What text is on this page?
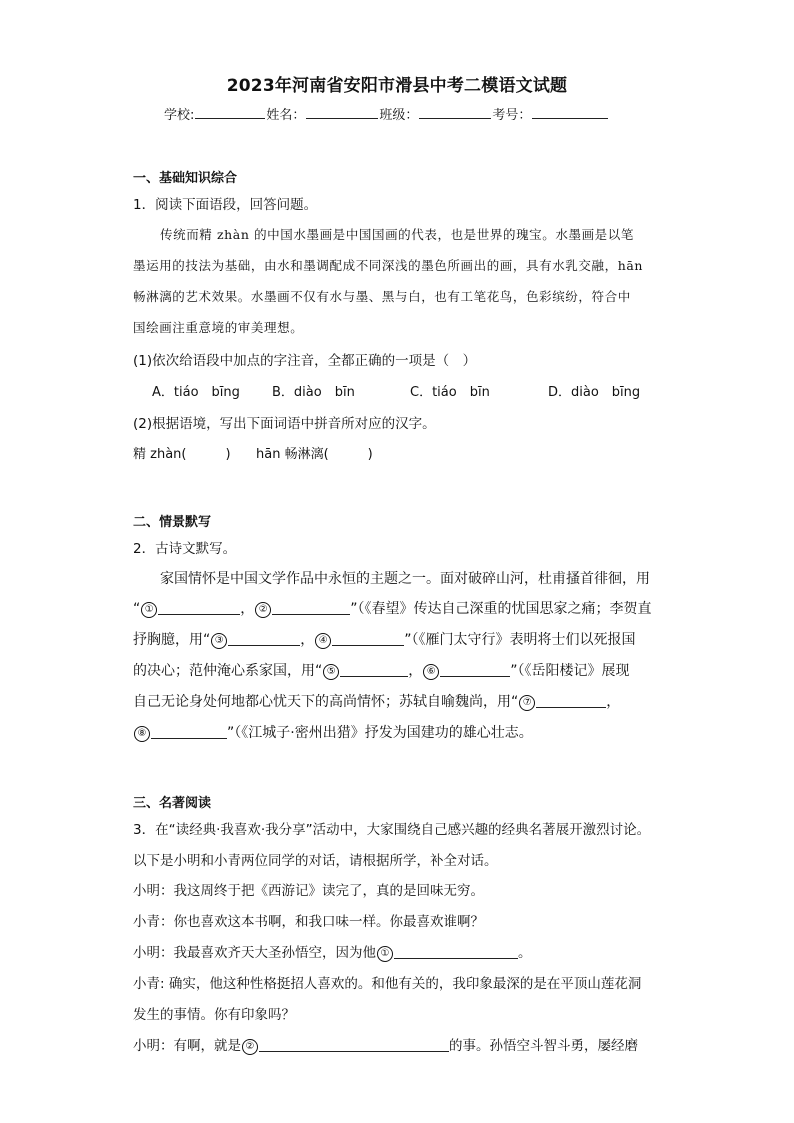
2023年河南省安阳市滑县中考二模语文试题
学校:	姓名：	班级：	考号：
一、基础知识综合
1．阅读下面语段，回答问题。
传统而精 zhàn 的中国水墨画是中国国画的代表，也是世界的瑰宝。水墨画是以笔
墨运用的技法为基础，由水和墨调配成不同深浅的墨色所画出的画，具有水乳交融，hān
畅淋漓的艺术效果。水墨画不仅有水与墨、黑与白，也有工笔花鸟，色彩缤纷，符合中
国绘画注重意境的审美理想。
(1)依次给语段中加点的字注音，全都正确的一项是（　）
A．tiáo　bīng B．diào　bīn	C．tiáo　bīn	D．diào　bīng
(2)根据语境，写出下面词语中拼音所对应的汉字。
精 zhàn(　　　) hān 畅淋漓(　　　)
二、情景默写
2．古诗文默写。
家国情怀是中国文学作品中永恒的主题之一。面对破碎山河，杜甫搔首徘徊，用
“ ①	， ②	”（《春望》传达自己深重的忧国思家之痛；李贺直
抒胸臆，用“ ③	， ④	”（《雁门太守行》表明将士们以死报国
的决心；范仲淹心系家国，用“ ⑤	， ⑥	”（《岳阳楼记》展现
自己无论身处何地都心忧天下的高尚情怀；苏轼自喻魏尚，用“ ⑦	，
⑧	”（《江城子·密州出猎》抒发为国建功的雄心壮志。
三、名著阅读
3．在“读经典·我喜欢·我分享”活动中，大家围绕自己感兴趣的经典名著展开激烈讨论。
以下是小明和小青两位同学的对话，请根据所学，补全对话。
小明：我这周终于把《西游记》读完了，真的是回味无穷。
小青：你也喜欢这本书啊，和我口味一样。你最喜欢谁啊？
小明：我最喜欢齐天大圣孙悟空，因为他 ①	。
小青: 确实，他这种性格挺招人喜欢的。和他有关的，我印象最深的是在平顶山莲花洞
发生的事情。你有印象吗？
小明：有啊，就是 ②	的事。孙悟空斗智斗勇，屡经磨
